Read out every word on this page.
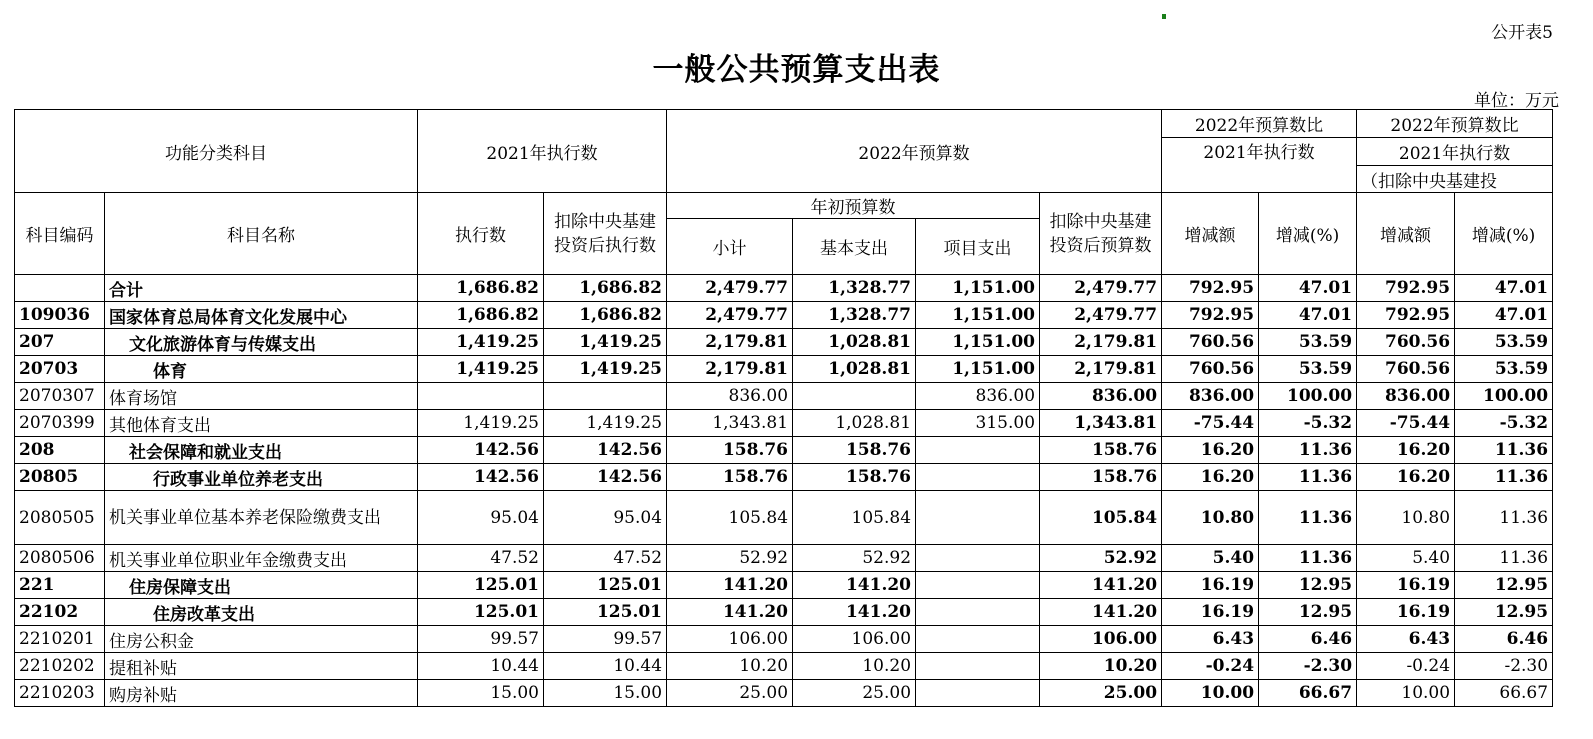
公开表5
一般公共预算支出表
单位：万元
功能分类科目		2021年执行数		2022年预算数				2022年预算数比		2022年预算数比	
								2021年执行数		2021年执行数	
										（扣除中央基建投	
科目编码	科目名称	执行数	扣除中央基建投资后执行数	年初预算数			扣除中央基建投资后预算数	增减额	增减(%)	增减额	增减(%)
				小计	基本支出	项目支出					
	合计	1,686.82	1,686.82	2,479.77	1,328.77	1,151.00	2,479.77	792.95	47.01	792.95	47.01
109036	国家体育总局体育文化发展中心	1,686.82	1,686.82	2,479.77	1,328.77	1,151.00	2,479.77	792.95	47.01	792.95	47.01
207	文化旅游体育与传媒支出	1,419.25	1,419.25	2,179.81	1,028.81	1,151.00	2,179.81	760.56	53.59	760.56	53.59
20703	体育	1,419.25	1,419.25	2,179.81	1,028.81	1,151.00	2,179.81	760.56	53.59	760.56	53.59
2070307	体育场馆			836.00		836.00	836.00	836.00	100.00	836.00	100.00
2070399	其他体育支出	1,419.25	1,419.25	1,343.81	1,028.81	315.00	1,343.81	-75.44	-5.32	-75.44	-5.32
208	社会保障和就业支出	142.56	142.56	158.76	158.76		158.76	16.20	11.36	16.20	11.36
20805	行政事业单位养老支出	142.56	142.56	158.76	158.76		158.76	16.20	11.36	16.20	11.36
2080505	机关事业单位基本养老保险缴费支出	95.04	95.04	105.84	105.84		105.84	10.80	11.36	10.80	11.36
2080506	机关事业单位职业年金缴费支出	47.52	47.52	52.92	52.92		52.92	5.40	11.36	5.40	11.36
221	住房保障支出	125.01	125.01	141.20	141.20		141.20	16.19	12.95	16.19	12.95
22102	住房改革支出	125.01	125.01	141.20	141.20		141.20	16.19	12.95	16.19	12.95
2210201	住房公积金	99.57	99.57	106.00	106.00		106.00	6.43	6.46	6.43	6.46
2210202	提租补贴	10.44	10.44	10.20	10.20		10.20	-0.24	-2.30	-0.24	-2.30
2210203	购房补贴	15.00	15.00	25.00	25.00		25.00	10.00	66.67	10.00	66.67
